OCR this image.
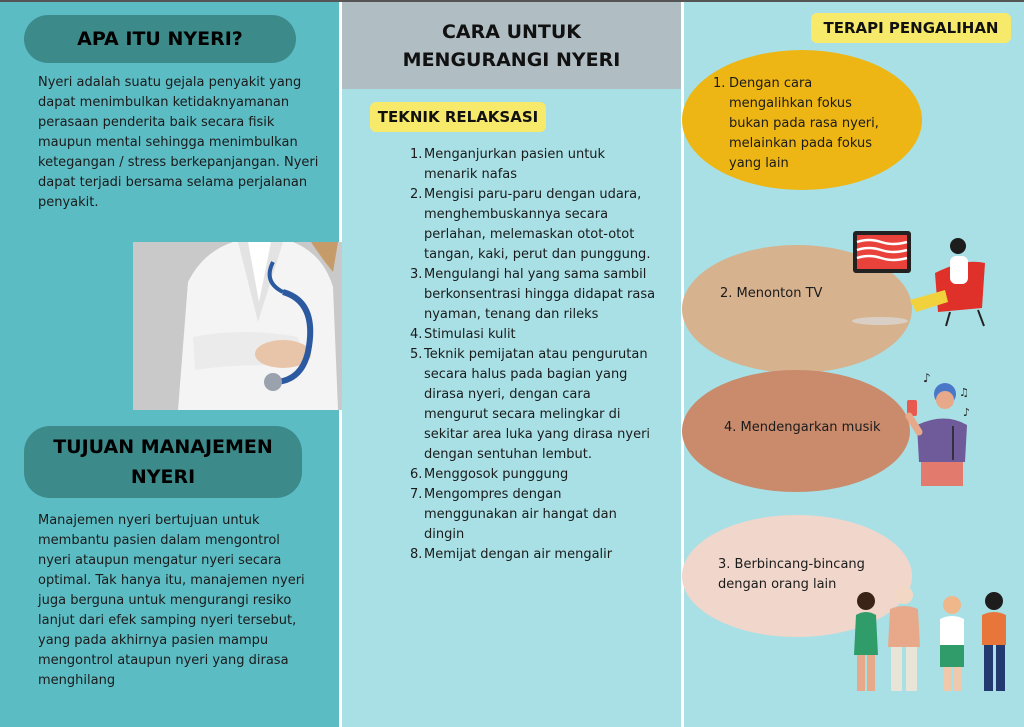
APA ITU NYERI?

Nyeri adalah suatu gejala penyakit yang dapat menimbulkan ketidaknyamanan perasaan penderita baik secara fisik maupun mental sehingga menimbulkan ketegangan / stress berkepanjangan. Nyeri dapat terjadi bersama selama perjalanan penyakit.

TUJUAN MANAJEMEN
NYERI

Manajemen nyeri bertujuan untuk membantu pasien dalam mengontrol nyeri ataupun mengatur nyeri secara optimal. Tak hanya itu, manajemen nyeri juga berguna untuk mengurangi resiko lanjut dari efek samping nyeri tersebut, yang pada akhirnya pasien mampu mengontrol ataupun nyeri yang dirasa menghilang

CARA UNTUK
MENGURANGI NYERI
TEKNIK RELAKSASI
1. Menganjurkan pasien untuk menarik nafas
2. Mengisi paru-paru dengan udara, menghembuskannya secara perlahan, melemaskan otot-otot tangan, kaki, perut dan punggung.
3. Mengulangi hal yang sama sambil berkonsentrasi hingga didapat rasa nyaman, tenang dan rileks
4. Stimulasi kulit
5. Teknik pemijatan atau pengurutan secara halus pada bagian yang dirasa nyeri, dengan cara mengurut secara melingkar di sekitar area luka yang dirasa nyeri dengan sentuhan lembut.
6. Menggosok punggung
7. Mengompres dengan menggunakan air hangat dan dingin
8. Memijat dengan air mengalir
TERAPI PENGALIHAN
1. Dengan cara mengalihkan fokus bukan pada rasa nyeri, melainkan pada fokus yang lain
2. Menonton TV
4. Mendengarkan musik
3. Berbincang-bincang dengan orang lain
♪
♫
♪
